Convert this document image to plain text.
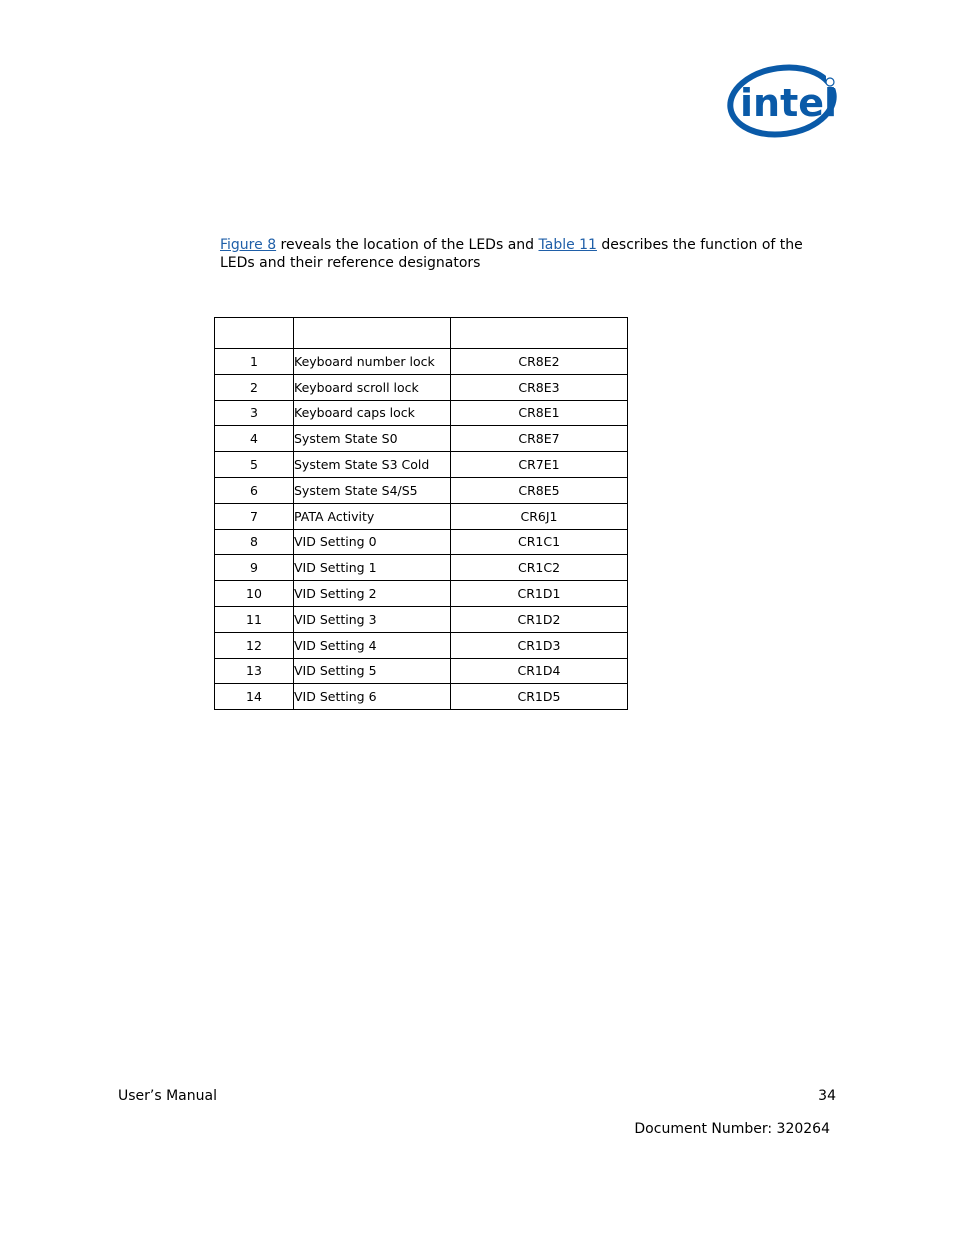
intel
Figure 8 reveals the location of the LEDs and Table 11 describes the function of the LEDs and their reference designators

1	Keyboard number lock	CR8E2
2	Keyboard scroll lock	CR8E3
3	Keyboard caps lock	CR8E1
4	System State S0	CR8E7
5	System State S3 Cold	CR7E1
6	System State S4/S5	CR8E5
7	PATA Activity	CR6J1
8	VID Setting 0	CR1C1
9	VID Setting 1	CR1C2
10	VID Setting 2	CR1D1
11	VID Setting 3	CR1D2
12	VID Setting 4	CR1D3
13	VID Setting 5	CR1D4
14	VID Setting 6	CR1D5
User’s Manual	34
Document Number: 320264
